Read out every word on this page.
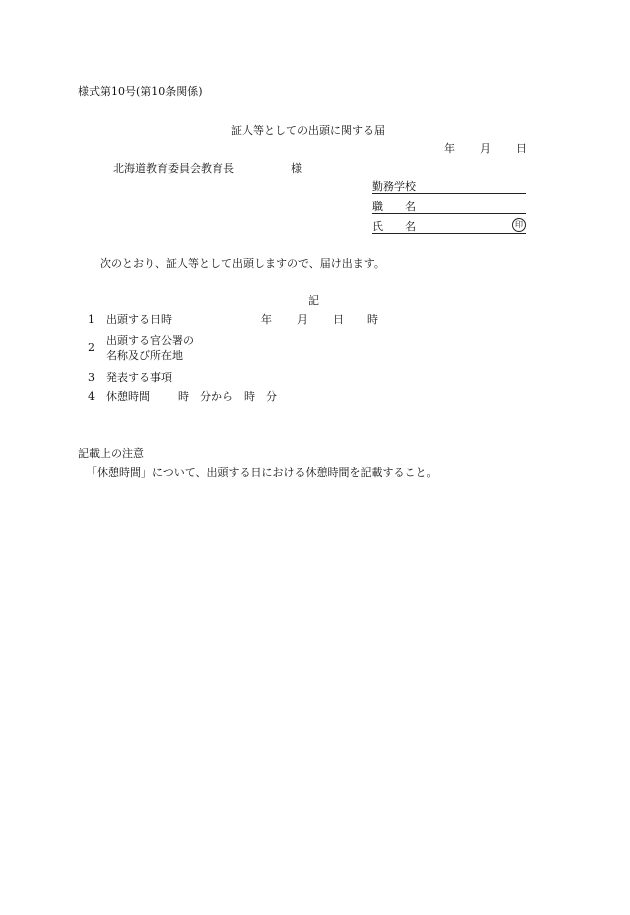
様式第10号(第10条関係)
証人等としての出頭に関する届
年 月 日
北海道教育委員会教育長	様
勤務学校
職　　名
氏　　名	印
次のとおり、証人等として出頭しますので、届け出ます。
記
1 出頭する日時	年 月 日 時
2
出頭する官公署の
名称及び所在地
3 発表する事項
4 休憩時間	時　分から　時　分
記載上の注意
「休憩時間」について、出頭する日における休憩時間を記載すること。
